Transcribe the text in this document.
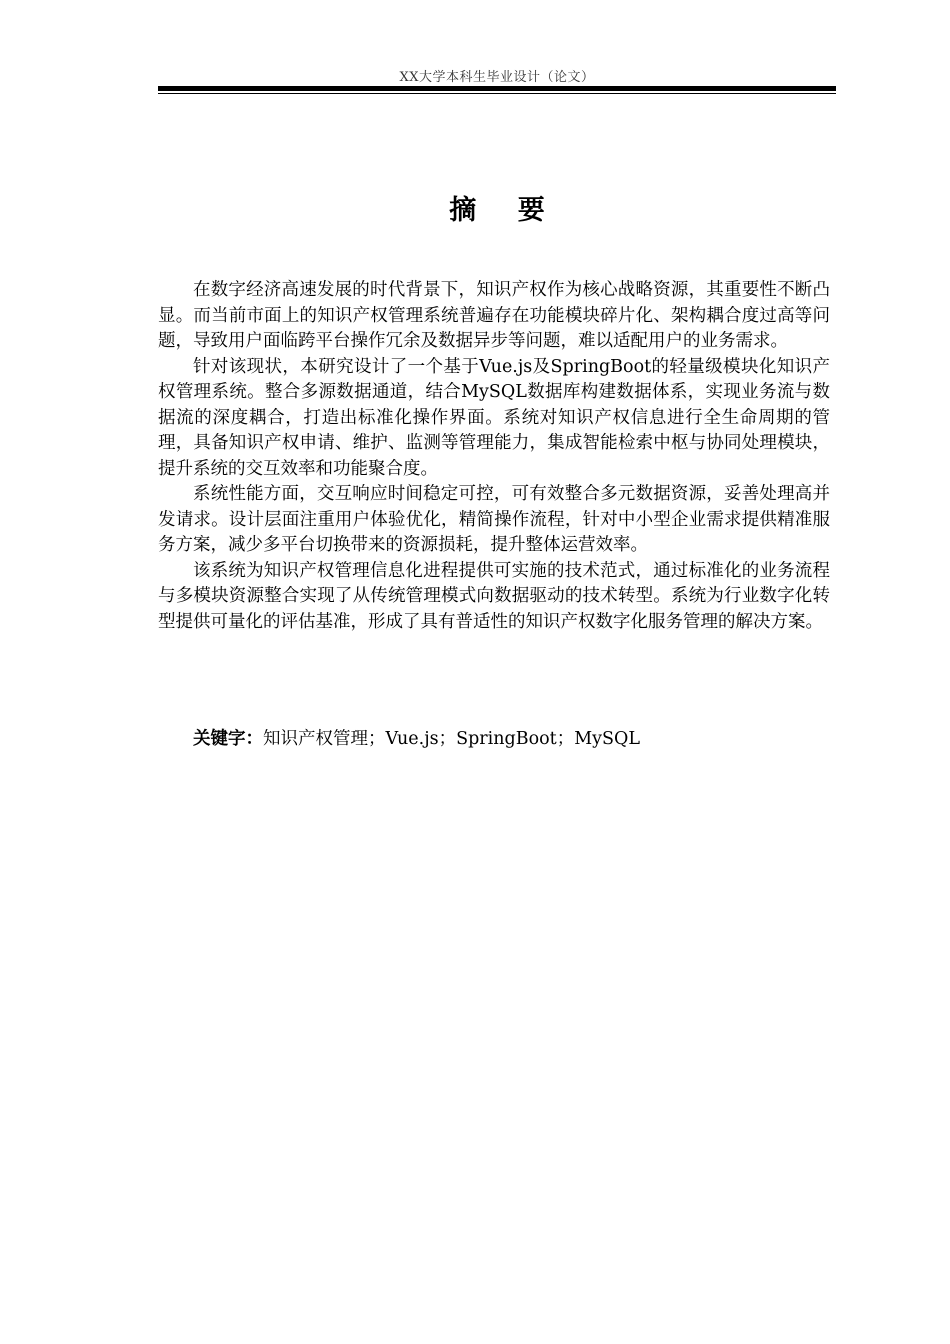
XX大学本科生毕业设计（论文）
摘 要

在数字经济高速发展的时代背景下，知识产权作为核心战略资源，其重要性不断凸显。而当前市面上的知识产权管理系统普遍存在功能模块碎片化、架构耦合度过高等问题，导致用户面临跨平台操作冗余及数据异步等问题，难以适配用户的业务需求。

针对该现状，本研究设计了一个基于Vue.js及SpringBoot的轻量级模块化知识产权管理系统。整合多源数据通道，结合MySQL数据库构建数据体系，实现业务流与数据流的深度耦合，打造出标准化操作界面。系统对知识产权信息进行全生命周期的管理，具备知识产权申请、维护、监测等管理能力，集成智能检索中枢与协同处理模块，提升系统的交互效率和功能聚合度。

系统性能方面，交互响应时间稳定可控，可有效整合多元数据资源，妥善处理高并发请求。设计层面注重用户体验优化，精简操作流程，针对中小型企业需求提供精准服务方案，减少多平台切换带来的资源损耗，提升整体运营效率。

该系统为知识产权管理信息化进程提供可实施的技术范式，通过标准化的业务流程与多模块资源整合实现了从传统管理模式向数据驱动的技术转型。系统为行业数字化转型提供可量化的评估基准，形成了具有普适性的知识产权数字化服务管理的解决方案。

关键字：知识产权管理；Vue.js；SpringBoot；MySQL
